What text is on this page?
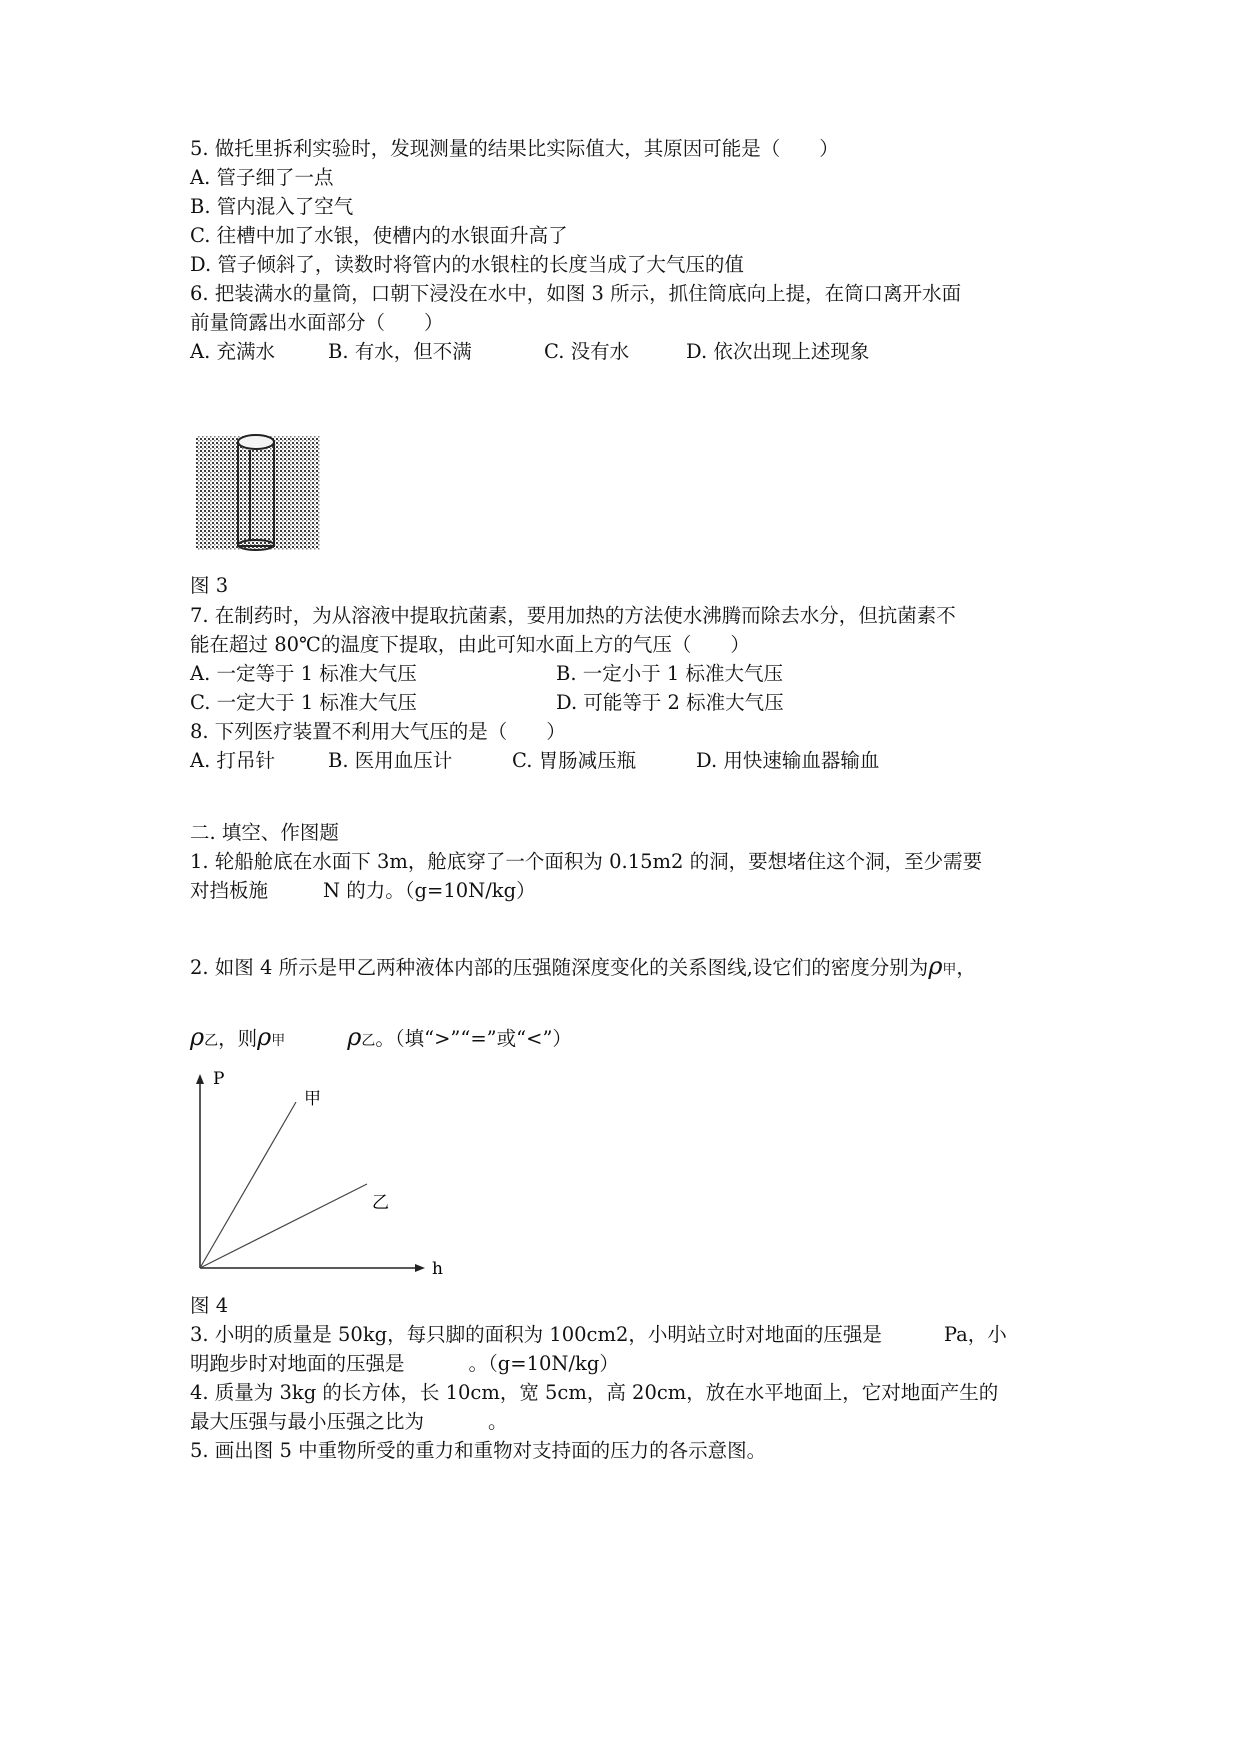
5. 做托里拆利实验时，发现测量的结果比实际值大，其原因可能是（　　）
A. 管子细了一点
B. 管内混入了空气
C. 往槽中加了水银，使槽内的水银面升高了
D. 管子倾斜了，读数时将管内的水银柱的长度当成了大气压的值
6. 把装满水的量筒，口朝下浸没在水中，如图 3 所示，抓住筒底向上提，在筒口离开水面
前量筒露出水面部分（　　）
A. 充满水	B. 有水，但不满	C. 没有水	D. 依次出现上述现象
图 3
7. 在制药时，为从溶液中提取抗菌素，要用加热的方法使水沸腾而除去水分，但抗菌素不
能在超过 80℃的温度下提取，由此可知水面上方的气压（　　）
A. 一定等于 1 标准大气压	B. 一定小于 1 标准大气压
C. 一定大于 1 标准大气压	D. 可能等于 2 标准大气压
8. 下列医疗装置不利用大气压的是（　　）
A. 打吊针	B. 医用血压计	C. 胃肠减压瓶	D. 用快速输血器输血
二. 填空、作图题
1. 轮船舱底在水面下 3m，舱底穿了一个面积为 0.15m2 的洞，要想堵住这个洞，至少需要
对挡板施	N 的力。（g=10N/kg）
2. 如图 4 所示是甲乙两种液体内部的压强随深度变化的关系图线,设它们的密度分别为ρ甲，
ρ乙，则ρ甲	ρ乙。（填“>”“=”或“<”）
P
h
甲
乙
图 4
3. 小明的质量是 50kg，每只脚的面积为 100cm2，小明站立时对地面的压强是	Pa，小
明跑步时对地面的压强是	。（g=10N/kg）
4. 质量为 3kg 的长方体，长 10cm，宽 5cm，高 20cm，放在水平地面上，它对地面产生的
最大压强与最小压强之比为	。
5. 画出图 5 中重物所受的重力和重物对支持面的压力的各示意图。
